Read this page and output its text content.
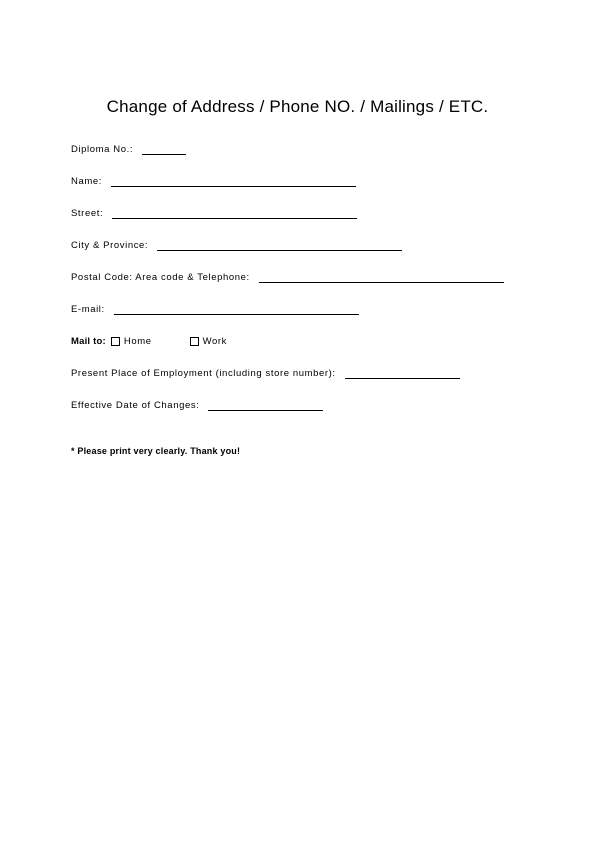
Change of Address / Phone NO. / Mailings / ETC.
Diploma No.:
Name:
Street:
City & Province:
Postal Code: Area code & Telephone:
E-mail:
Mail to: Home	Work
Present Place of Employment (including store number):
Effective Date of Changes:
* Please print very clearly. Thank you!
